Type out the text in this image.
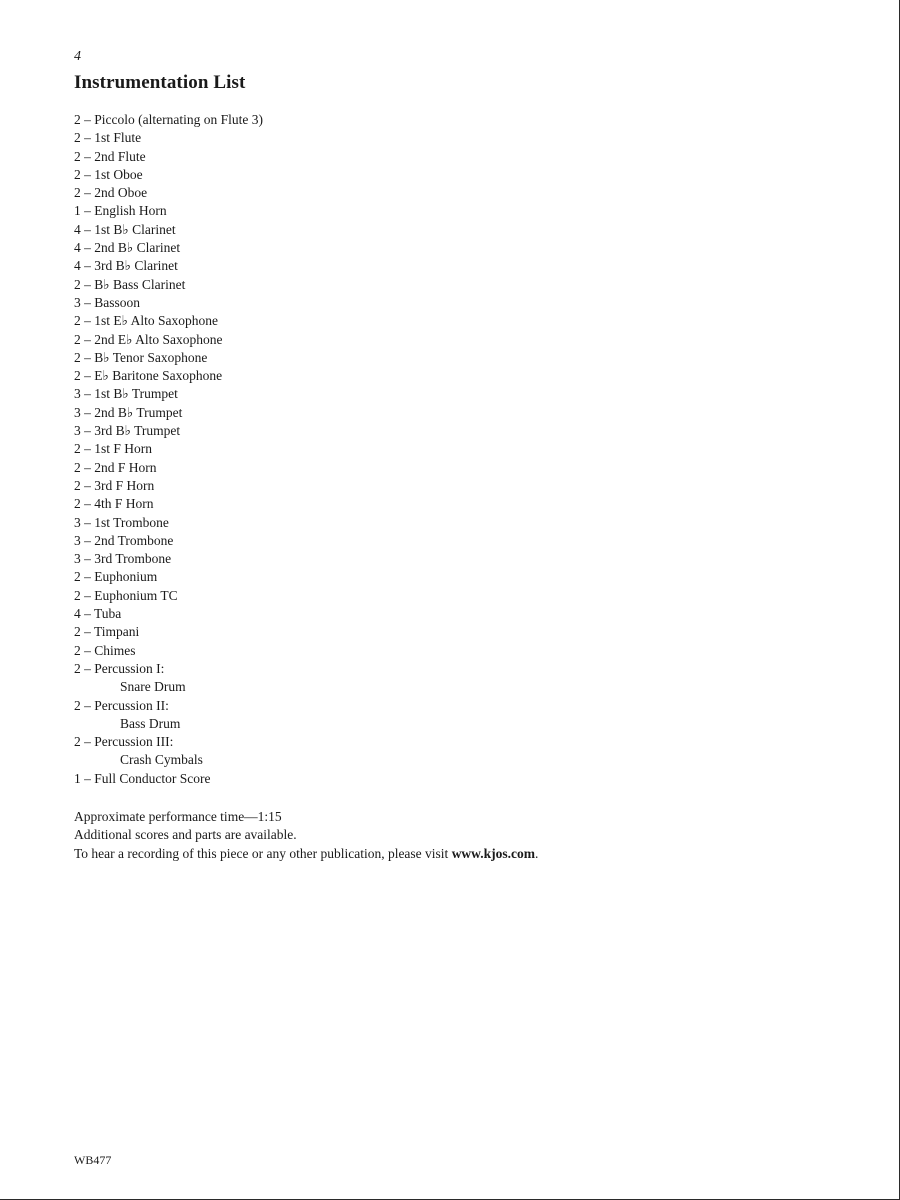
4
Instrumentation List
2 – Piccolo (alternating on Flute 3)
2 – 1st Flute
2 – 2nd Flute
2 – 1st Oboe
2 – 2nd Oboe
1 – English Horn
4 – 1st B♭ Clarinet
4 – 2nd B♭ Clarinet
4 – 3rd B♭ Clarinet
2 – B♭ Bass Clarinet
3 – Bassoon
2 – 1st E♭ Alto Saxophone
2 – 2nd E♭ Alto Saxophone
2 – B♭ Tenor Saxophone
2 – E♭ Baritone Saxophone
3 – 1st B♭ Trumpet
3 – 2nd B♭ Trumpet
3 – 3rd B♭ Trumpet
2 – 1st F Horn
2 – 2nd F Horn
2 – 3rd F Horn
2 – 4th F Horn
3 – 1st Trombone
3 – 2nd Trombone
3 – 3rd Trombone
2 – Euphonium
2 – Euphonium TC
4 – Tuba
2 – Timpani
2 – Chimes
2 – Percussion I:
Snare Drum
2 – Percussion II:
Bass Drum
2 – Percussion III:
Crash Cymbals
1 – Full Conductor Score
Approximate performance time—1:15
Additional scores and parts are available.
To hear a recording of this piece or any other publication, please visit www.kjos.com.
WB477
